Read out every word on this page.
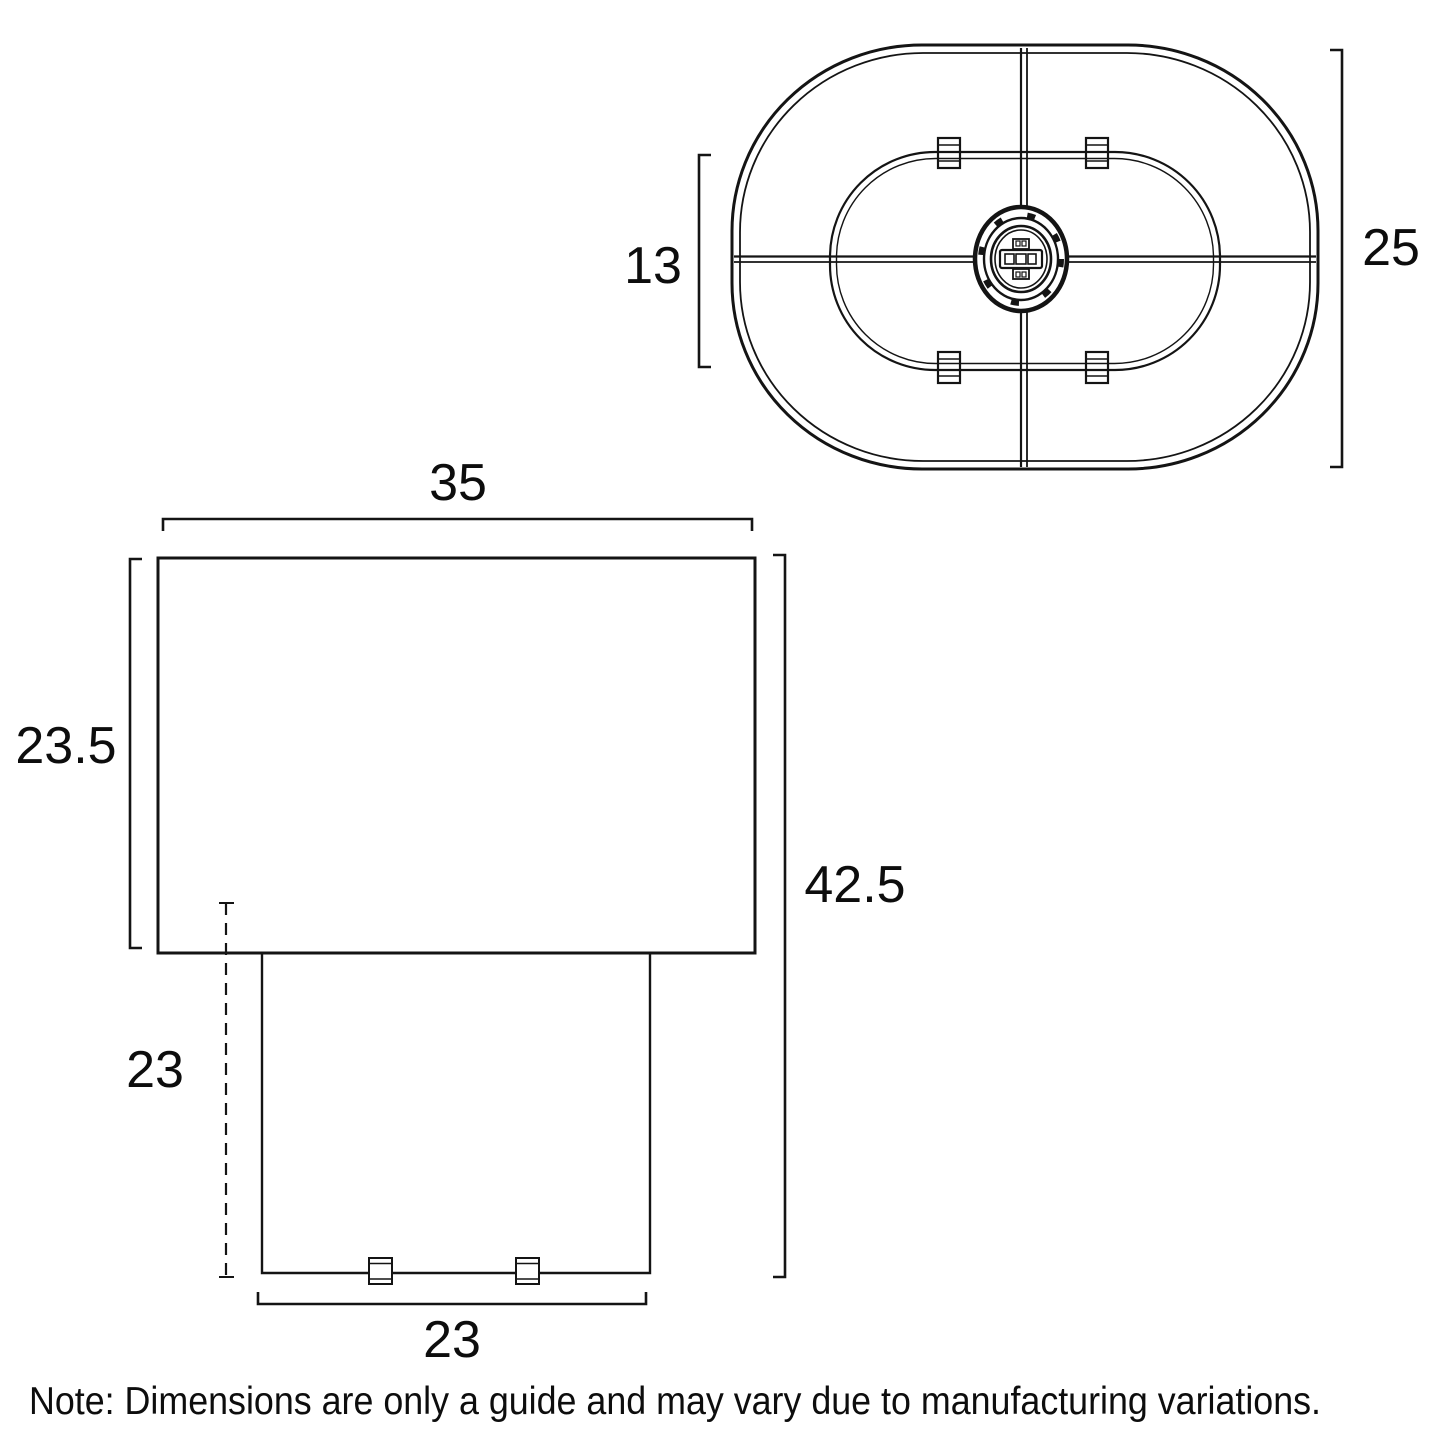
13	25
35
23.5
42.5
23
23
Note: Dimensions are only a guide and may vary due to manufacturing variations.
